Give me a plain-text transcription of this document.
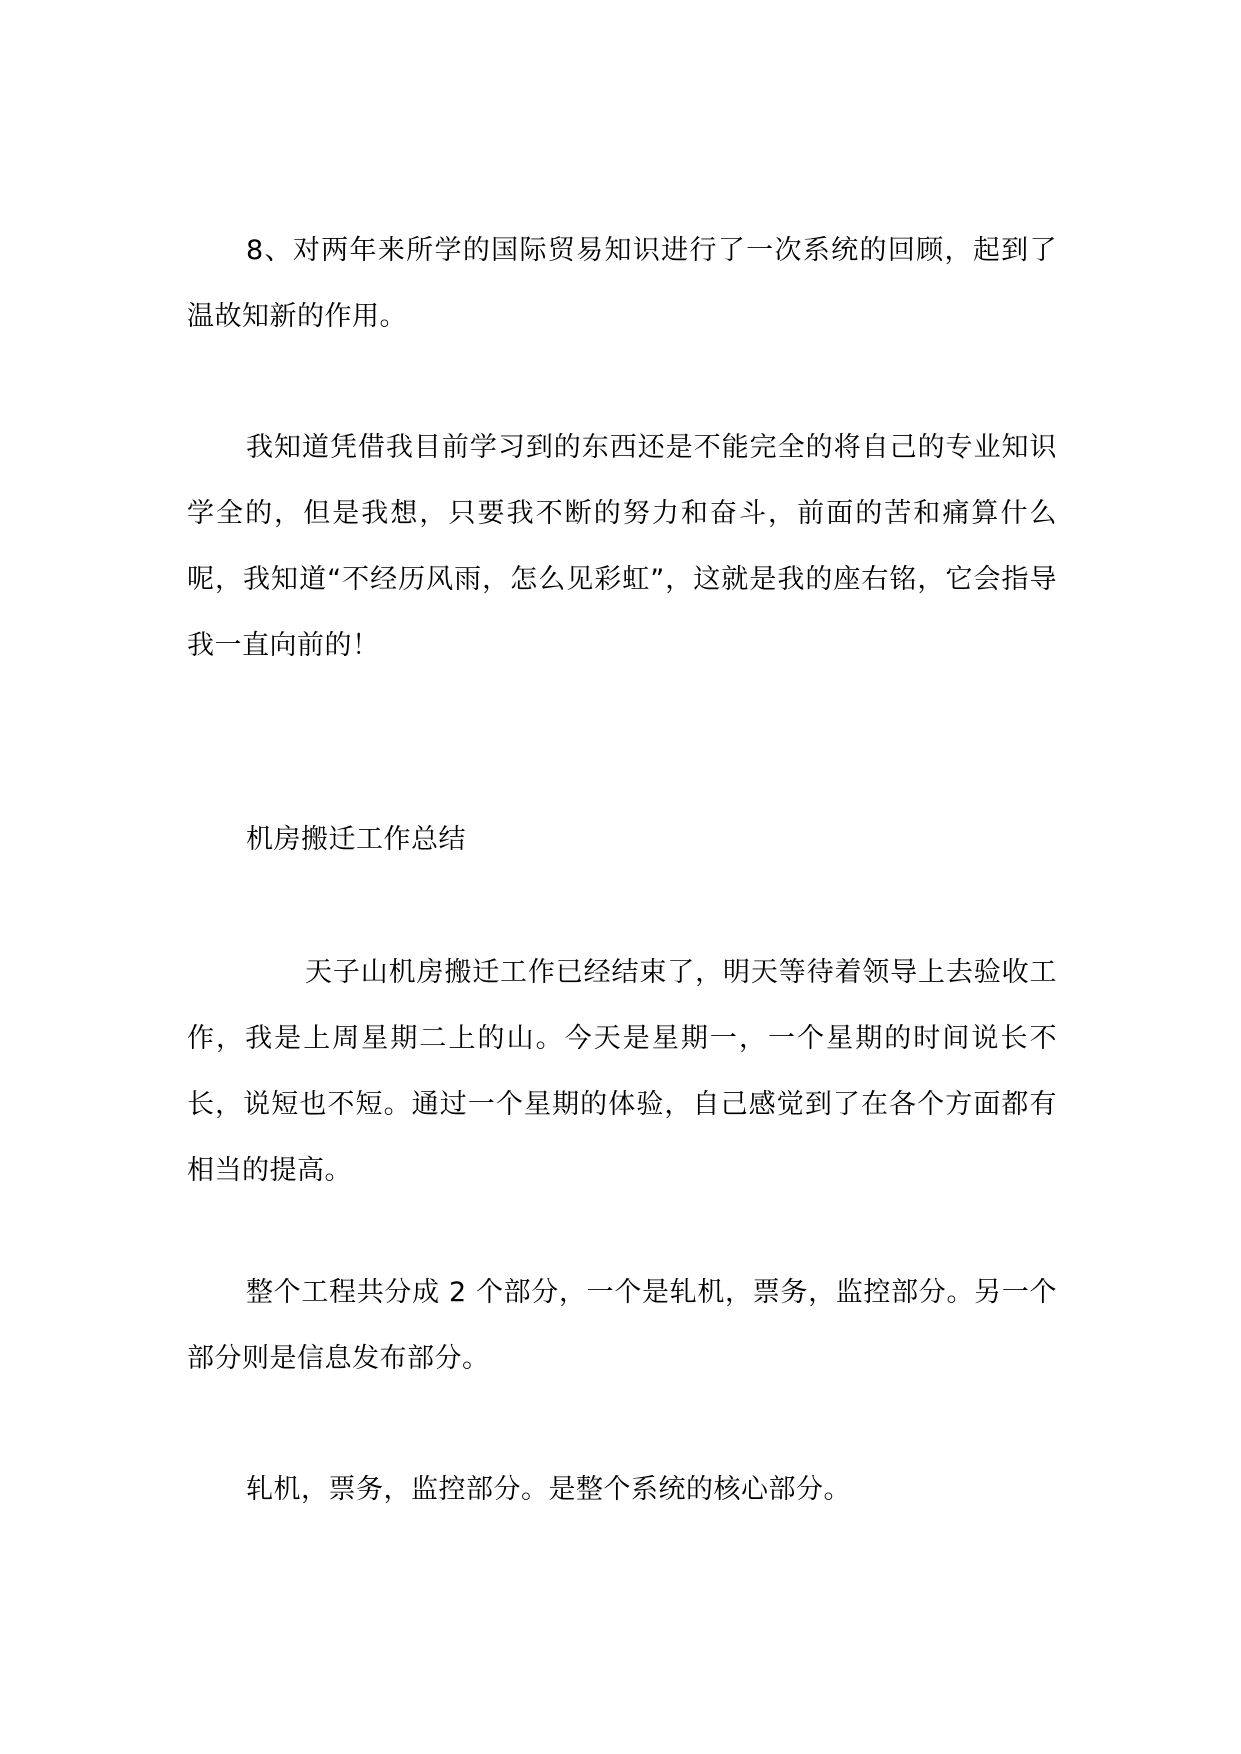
8、对两年来所学的国际贸易知识进行了一次系统的回顾，起到了温故知新的作用。

我知道凭借我目前学习到的东西还是不能完全的将自己的专业知识学全的，但是我想，只要我不断的努力和奋斗，前面的苦和痛算什么呢，我知道“不经历风雨，怎么见彩虹”，这就是我的座右铭，它会指导我一直向前的！

机房搬迁工作总结

天子山机房搬迁工作已经结束了，明天等待着领导上去验收工作，我是上周星期二上的山。今天是星期一，一个星期的时间说长不长，说短也不短。通过一个星期的体验，自己感觉到了在各个方面都有相当的提高。

整个工程共分成 2 个部分，一个是轧机，票务，监控部分。另一个部分则是信息发布部分。

轧机，票务，监控部分。是整个系统的核心部分。
